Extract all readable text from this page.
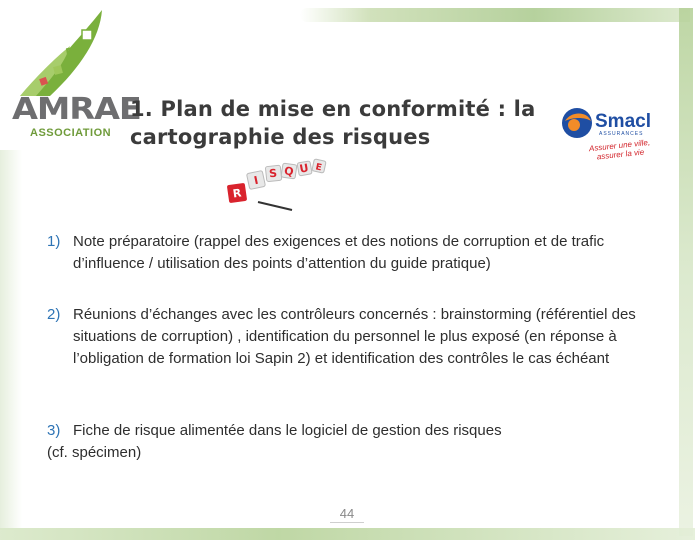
AMRAE
ASSOCIATION
1. Plan de mise en conformité : la cartographie des risques
Smacl
ASSURANCES
Assurer une ville, assurer la vie
R
I
S Q U E
1) Note préparatoire (rappel des exigences et des notions de corruption et de trafic d’influence / utilisation des points d’attention du guide pratique)
2) Réunions d’échanges avec les contrôleurs concernés : brainstorming (référentiel des situations de corruption) , identification du personnel le plus exposé (en réponse à l’obligation de formation loi Sapin 2) et identification des contrôles le cas échéant
3) Fiche de risque alimentée dans le logiciel de gestion des risques
(cf. spécimen)
44
